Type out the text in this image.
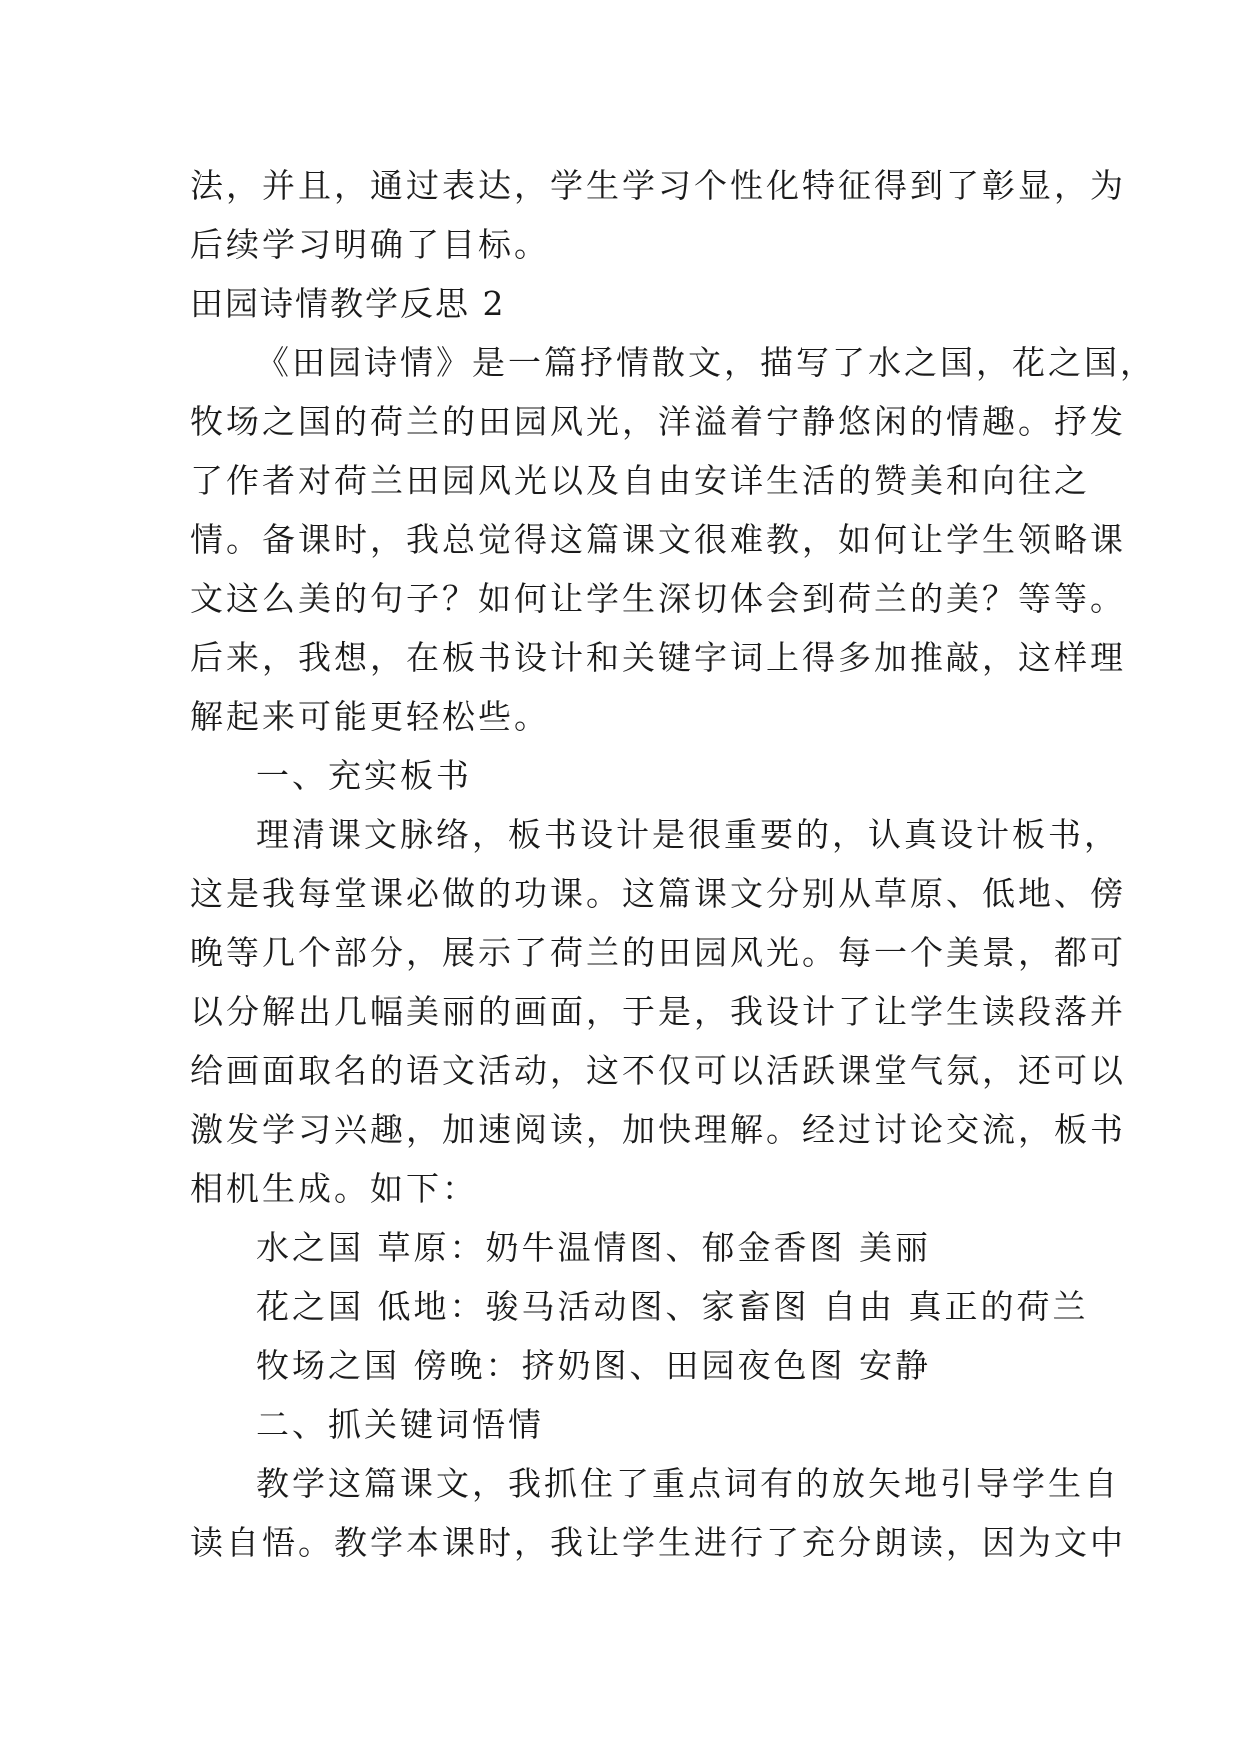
法，并且，通过表达，学生学习个性化特征得到了彰显，为
后续学习明确了目标。
田园诗情教学反思 2
《田园诗情》是一篇抒情散文，描写了水之国，花之国，
牧场之国的荷兰的田园风光，洋溢着宁静悠闲的情趣。抒发
了作者对荷兰田园风光以及自由安详生活的赞美和向往之
情。备课时，我总觉得这篇课文很难教，如何让学生领略课
文这么美的句子？如何让学生深切体会到荷兰的美？等等。
后来，我想，在板书设计和关键字词上得多加推敲，这样理
解起来可能更轻松些。
一、充实板书
理清课文脉络，板书设计是很重要的，认真设计板书，
这是我每堂课必做的功课。这篇课文分别从草原、低地、傍
晚等几个部分，展示了荷兰的田园风光。每一个美景，都可
以分解出几幅美丽的画面，于是，我设计了让学生读段落并
给画面取名的语文活动，这不仅可以活跃课堂气氛，还可以
激发学习兴趣，加速阅读，加快理解。经过讨论交流，板书
相机生成。如下：
水之国 草原：奶牛温情图、郁金香图 美丽
花之国 低地：骏马活动图、家畜图 自由 真正的荷兰
牧场之国 傍晚：挤奶图、田园夜色图 安静
二、抓关键词悟情
教学这篇课文，我抓住了重点词有的放矢地引导学生自
读自悟。教学本课时，我让学生进行了充分朗读，因为文中
